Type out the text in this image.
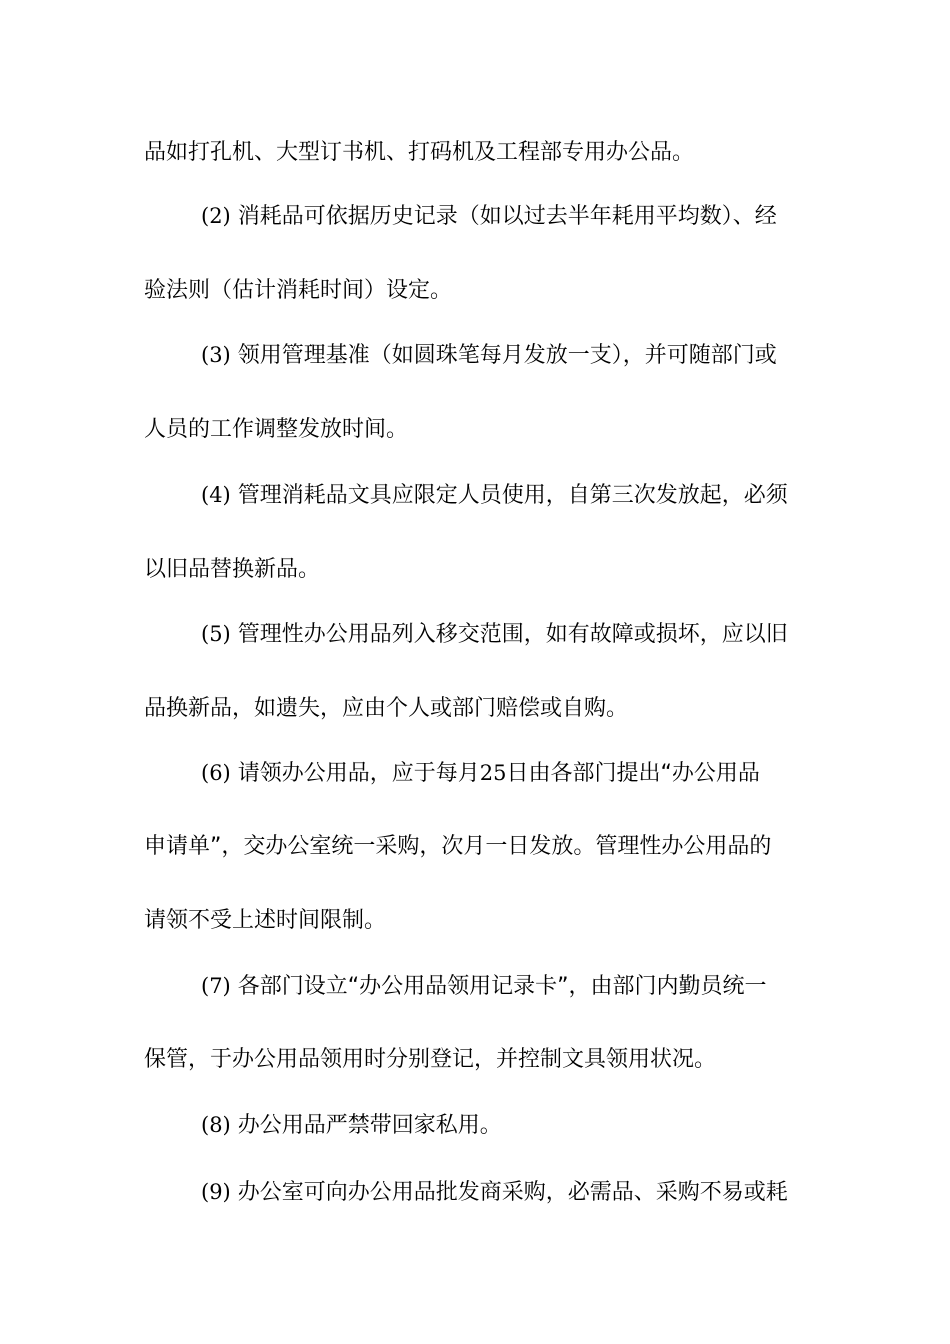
品如打孔机、大型订书机、打码机及工程部专用办公品。
(2) 消耗品可依据历史记录（如以过去半年耗用平均数）、经
验法则（估计消耗时间）设定。
(3) 领用管理基准（如圆珠笔每月发放一支），并可随部门或
人员的工作调整发放时间。
(4) 管理消耗品文具应限定人员使用，自第三次发放起，必须
以旧品替换新品。
(5) 管理性办公用品列入移交范围，如有故障或损坏，应以旧
品换新品，如遗失，应由个人或部门赔偿或自购。
(6) 请领办公用品，应于每月25日由各部门提出“办公用品
申请单”，交办公室统一采购，次月一日发放。管理性办公用品的
请领不受上述时间限制。
(7) 各部门设立“办公用品领用记录卡”，由部门内勤员统一
保管，于办公用品领用时分别登记，并控制文具领用状况。
(8) 办公用品严禁带回家私用。
(9) 办公室可向办公用品批发商采购，必需品、采购不易或耗
